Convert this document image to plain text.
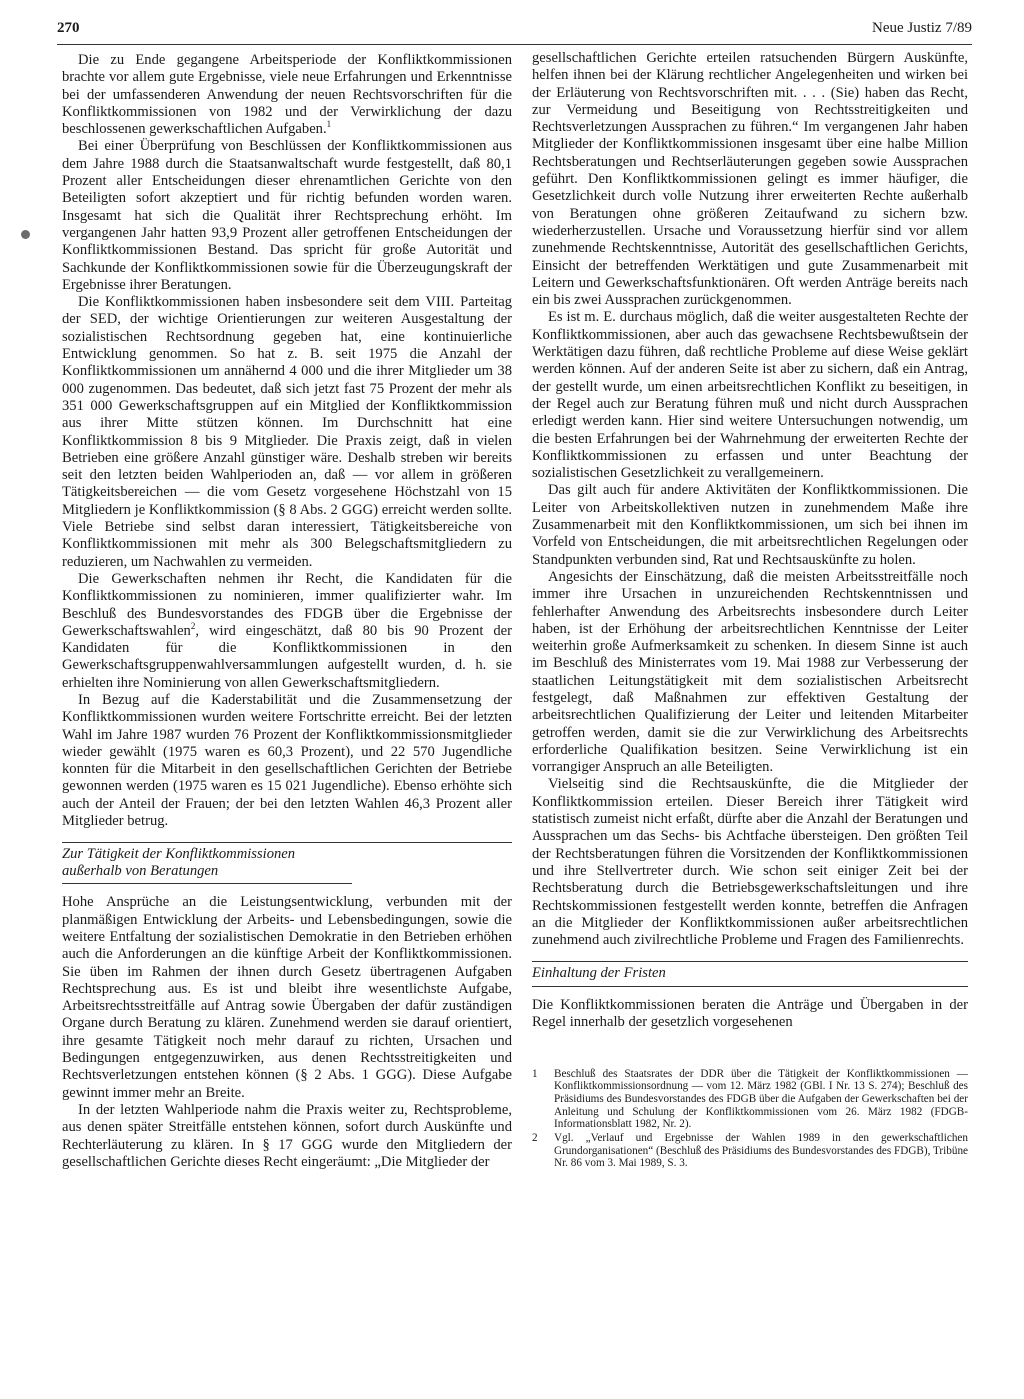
270	Neue Justiz 7/89

Die zu Ende gegangene Arbeitsperiode der Konfliktkommissionen brachte vor allem gute Ergebnisse, viele neue Erfahrungen und Erkenntnisse bei der umfassenderen Anwendung der neuen Rechtsvorschriften für die Konfliktkommissionen von 1982 und der Verwirklichung der dazu beschlossenen gewerkschaftlichen Aufgaben.$^1$

Bei einer Überprüfung von Beschlüssen der Konfliktkommissionen aus dem Jahre 1988 durch die Staatsanwaltschaft wurde festgestellt, daß 80,1 Prozent aller Entscheidungen dieser ehrenamtlichen Gerichte von den Beteiligten sofort akzeptiert und für richtig befunden worden waren. Insgesamt hat sich die Qualität ihrer Rechtsprechung erhöht. Im vergangenen Jahr hatten 93,9 Prozent aller getroffenen Entscheidungen der Konfliktkommissionen Bestand. Das spricht für große Autorität und Sachkunde der Konfliktkommissionen sowie für die Überzeugungskraft der Ergebnisse ihrer Beratungen.

Die Konfliktkommissionen haben insbesondere seit dem VIII. Parteitag der SED, der wichtige Orientierungen zur weiteren Ausgestaltung der sozialistischen Rechtsordnung gegeben hat, eine kontinuierliche Entwicklung genommen. So hat z. B. seit 1975 die Anzahl der Konfliktkommissionen um annähernd 4 000 und die ihrer Mitglieder um 38 000 zugenommen. Das bedeutet, daß sich jetzt fast 75 Prozent der mehr als 351 000 Gewerkschaftsgruppen auf ein Mitglied der Konfliktkommission aus ihrer Mitte stützen können. Im Durchschnitt hat eine Konfliktkommission 8 bis 9 Mitglieder. Die Praxis zeigt, daß in vielen Betrieben eine größere Anzahl günstiger wäre. Deshalb streben wir bereits seit den letzten beiden Wahlperioden an, daß — vor allem in größeren Tätigkeitsbereichen — die vom Gesetz vorgesehene Höchstzahl von 15 Mitgliedern je Konfliktkommission (§ 8 Abs. 2 GGG) erreicht werden sollte. Viele Betriebe sind selbst daran interessiert, Tätigkeitsbereiche von Konfliktkommissionen mit mehr als 300 Belegschaftsmitgliedern zu reduzieren, um Nachwahlen zu vermeiden.

Die Gewerkschaften nehmen ihr Recht, die Kandidaten für die Konfliktkommissionen zu nominieren, immer qualifizierter wahr. Im Beschluß des Bundesvorstandes des FDGB über die Ergebnisse der Gewerkschaftswahlen$^2$, wird eingeschätzt, daß 80 bis 90 Prozent der Kandidaten für die Konfliktkommissionen in den Gewerkschaftsgruppenwahlversammlungen aufgestellt wurden, d. h. sie erhielten ihre Nominierung von allen Gewerkschaftsmitgliedern.

In Bezug auf die Kaderstabilität und die Zusammensetzung der Konfliktkommissionen wurden weitere Fortschritte erreicht. Bei der letzten Wahl im Jahre 1987 wurden 76 Prozent der Konfliktkommissionsmitglieder wieder gewählt (1975 waren es 60,3 Prozent), und 22 570 Jugendliche konnten für die Mitarbeit in den gesellschaftlichen Gerichten der Betriebe gewonnen werden (1975 waren es 15 021 Jugendliche). Ebenso erhöhte sich auch der Anteil der Frauen; der bei den letzten Wahlen 46,3 Prozent aller Mitglieder betrug.

Zur Tätigkeit der Konfliktkommissionen
außerhalb von Beratungen

Hohe Ansprüche an die Leistungsentwicklung, verbunden mit der planmäßigen Entwicklung der Arbeits- und Lebensbedingungen, sowie die weitere Entfaltung der sozialistischen Demokratie in den Betrieben erhöhen auch die Anforderungen an die künftige Arbeit der Konfliktkommissionen. Sie üben im Rahmen der ihnen durch Gesetz übertragenen Aufgaben Rechtsprechung aus. Es ist und bleibt ihre wesentlichste Aufgabe, Arbeitsrechtsstreitfälle auf Antrag sowie Übergaben der dafür zuständigen Organe durch Beratung zu klären. Zunehmend werden sie darauf orientiert, ihre gesamte Tätigkeit noch mehr darauf zu richten, Ursachen und Bedingungen entgegenzuwirken, aus denen Rechtsstreitigkeiten und Rechtsverletzungen entstehen können (§ 2 Abs. 1 GGG). Diese Aufgabe gewinnt immer mehr an Breite.

In der letzten Wahlperiode nahm die Praxis weiter zu, Rechtsprobleme, aus denen später Streitfälle entstehen können, sofort durch Auskünfte und Rechterläuterung zu klären. In § 17 GGG wurde den Mitgliedern der gesellschaftlichen Gerichte dieses Recht eingeräumt: „Die Mitglieder der

gesellschaftlichen Gerichte erteilen ratsuchenden Bürgern Auskünfte, helfen ihnen bei der Klärung rechtlicher Angelegenheiten und wirken bei der Erläuterung von Rechtsvorschriften mit. . . . (Sie) haben das Recht, zur Vermeidung und Beseitigung von Rechtsstreitigkeiten und Rechtsverletzungen Aussprachen zu führen.“ Im vergangenen Jahr haben Mitglieder der Konfliktkommissionen insgesamt über eine halbe Million Rechtsberatungen und Rechtserläuterungen gegeben sowie Aussprachen geführt. Den Konfliktkommissionen gelingt es immer häufiger, die Gesetzlichkeit durch volle Nutzung ihrer erweiterten Rechte außerhalb von Beratungen ohne größeren Zeitaufwand zu sichern bzw. wiederherzustellen. Ursache und Voraussetzung hierfür sind vor allem zunehmende Rechtskenntnisse, Autorität des gesellschaftlichen Gerichts, Einsicht der betreffenden Werktätigen und gute Zusammenarbeit mit Leitern und Gewerkschaftsfunktionären. Oft werden Anträge bereits nach ein bis zwei Aussprachen zurückgenommen.

Es ist m. E. durchaus möglich, daß die weiter ausgestalteten Rechte der Konfliktkommissionen, aber auch das gewachsene Rechtsbewußtsein der Werktätigen dazu führen, daß rechtliche Probleme auf diese Weise geklärt werden können. Auf der anderen Seite ist aber zu sichern, daß ein Antrag, der gestellt wurde, um einen arbeitsrechtlichen Konflikt zu beseitigen, in der Regel auch zur Beratung führen muß und nicht durch Aussprachen erledigt werden kann. Hier sind weitere Untersuchungen notwendig, um die besten Erfahrungen bei der Wahrnehmung der erweiterten Rechte der Konfliktkommissionen zu erfassen und unter Beachtung der sozialistischen Gesetzlichkeit zu verallgemeinern.

Das gilt auch für andere Aktivitäten der Konfliktkommissionen. Die Leiter von Arbeitskollektiven nutzen in zunehmendem Maße ihre Zusammenarbeit mit den Konfliktkommissionen, um sich bei ihnen im Vorfeld von Entscheidungen, die mit arbeitsrechtlichen Regelungen oder Standpunkten verbunden sind, Rat und Rechtsauskünfte zu holen.

Angesichts der Einschätzung, daß die meisten Arbeitsstreitfälle noch immer ihre Ursachen in unzureichenden Rechtskenntnissen und fehlerhafter Anwendung des Arbeitsrechts insbesondere durch Leiter haben, ist der Erhöhung der arbeitsrechtlichen Kenntnisse der Leiter weiterhin große Aufmerksamkeit zu schenken. In diesem Sinne ist auch im Beschluß des Ministerrates vom 19. Mai 1988 zur Verbesserung der staatlichen Leitungstätigkeit mit dem sozialistischen Arbeitsrecht festgelegt, daß Maßnahmen zur effektiven Gestaltung der arbeitsrechtlichen Qualifizierung der Leiter und leitenden Mitarbeiter getroffen werden, damit sie die zur Verwirklichung des Arbeitsrechts erforderliche Qualifikation besitzen. Seine Verwirklichung ist ein vorrangiger Anspruch an alle Beteiligten.

Vielseitig sind die Rechtsauskünfte, die die Mitglieder der Konfliktkommission erteilen. Dieser Bereich ihrer Tätigkeit wird statistisch zumeist nicht erfaßt, dürfte aber die Anzahl der Beratungen und Aussprachen um das Sechs- bis Achtfache übersteigen. Den größten Teil der Rechtsberatungen führen die Vorsitzenden der Konfliktkommissionen und ihre Stellvertreter durch. Wie schon seit einiger Zeit bei der Rechtsberatung durch die Betriebsgewerkschaftsleitungen und ihre Rechtskommissionen festgestellt werden konnte, betreffen die Anfragen an die Mitglieder der Konfliktkommissionen außer arbeitsrechtlichen zunehmend auch zivilrechtliche Probleme und Fragen des Familienrechts.

Einhaltung der Fristen

Die Konfliktkommissionen beraten die Anträge und Übergaben in der Regel innerhalb der gesetzlich vorgesehenen

1	Beschluß des Staatsrates der DDR über die Tätigkeit der Konfliktkommissionen — Konfliktkommissionsordnung — vom 12. März 1982 (GBl. I Nr. 13 S. 274); Beschluß des Präsidiums des Bundesvorstandes des FDGB über die Aufgaben der Gewerkschaften bei der Anleitung und Schulung der Konfliktkommissionen vom 26. März 1982 (FDGB-Informationsblatt 1982, Nr. 2).
2	Vgl. „Verlauf und Ergebnisse der Wahlen 1989 in den gewerkschaftlichen Grundorganisationen“ (Beschluß des Präsidiums des Bundesvorstandes des FDGB), Tribüne Nr. 86 vom 3. Mai 1989, S. 3.
